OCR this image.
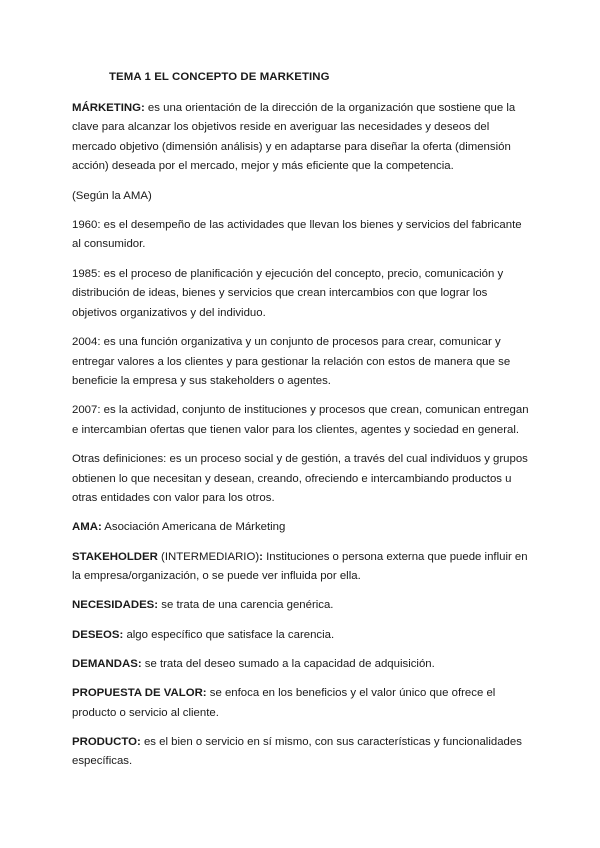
TEMA 1 EL CONCEPTO DE MARKETING

MÁRKETING: es una orientación de la dirección de la organización que sostiene que la clave para alcanzar los objetivos reside en averiguar las necesidades y deseos del mercado objetivo (dimensión análisis) y en adaptarse para diseñar la oferta (dimensión acción) deseada por el mercado, mejor y más eficiente que la competencia.

(Según la AMA)

1960: es el desempeño de las actividades que llevan los bienes y servicios del fabricante al consumidor.

1985: es el proceso de planificación y ejecución del concepto, precio, comunicación y distribución de ideas, bienes y servicios que crean intercambios con que lograr los objetivos organizativos y del individuo.

2004: es una función organizativa y un conjunto de procesos para crear, comunicar y entregar valores a los clientes y para gestionar la relación con estos de manera que se beneficie la empresa y sus stakeholders o agentes.

2007: es la actividad, conjunto de instituciones y procesos que crean, comunican entregan e intercambian ofertas que tienen valor para los clientes, agentes y sociedad en general.

Otras definiciones: es un proceso social y de gestión, a través del cual individuos y grupos obtienen lo que necesitan y desean, creando, ofreciendo e intercambiando productos u otras entidades con valor para los otros.

AMA: Asociación Americana de Márketing

STAKEHOLDER (INTERMEDIARIO): Instituciones o persona externa que puede influir en la empresa/organización, o se puede ver influida por ella.

NECESIDADES: se trata de una carencia genérica.

DESEOS: algo específico que satisface la carencia.

DEMANDAS: se trata del deseo sumado a la capacidad de adquisición.

PROPUESTA DE VALOR: se enfoca en los beneficios y el valor único que ofrece el producto o servicio al cliente.

PRODUCTO: es el bien o servicio en sí mismo, con sus características y funcionalidades específicas.
